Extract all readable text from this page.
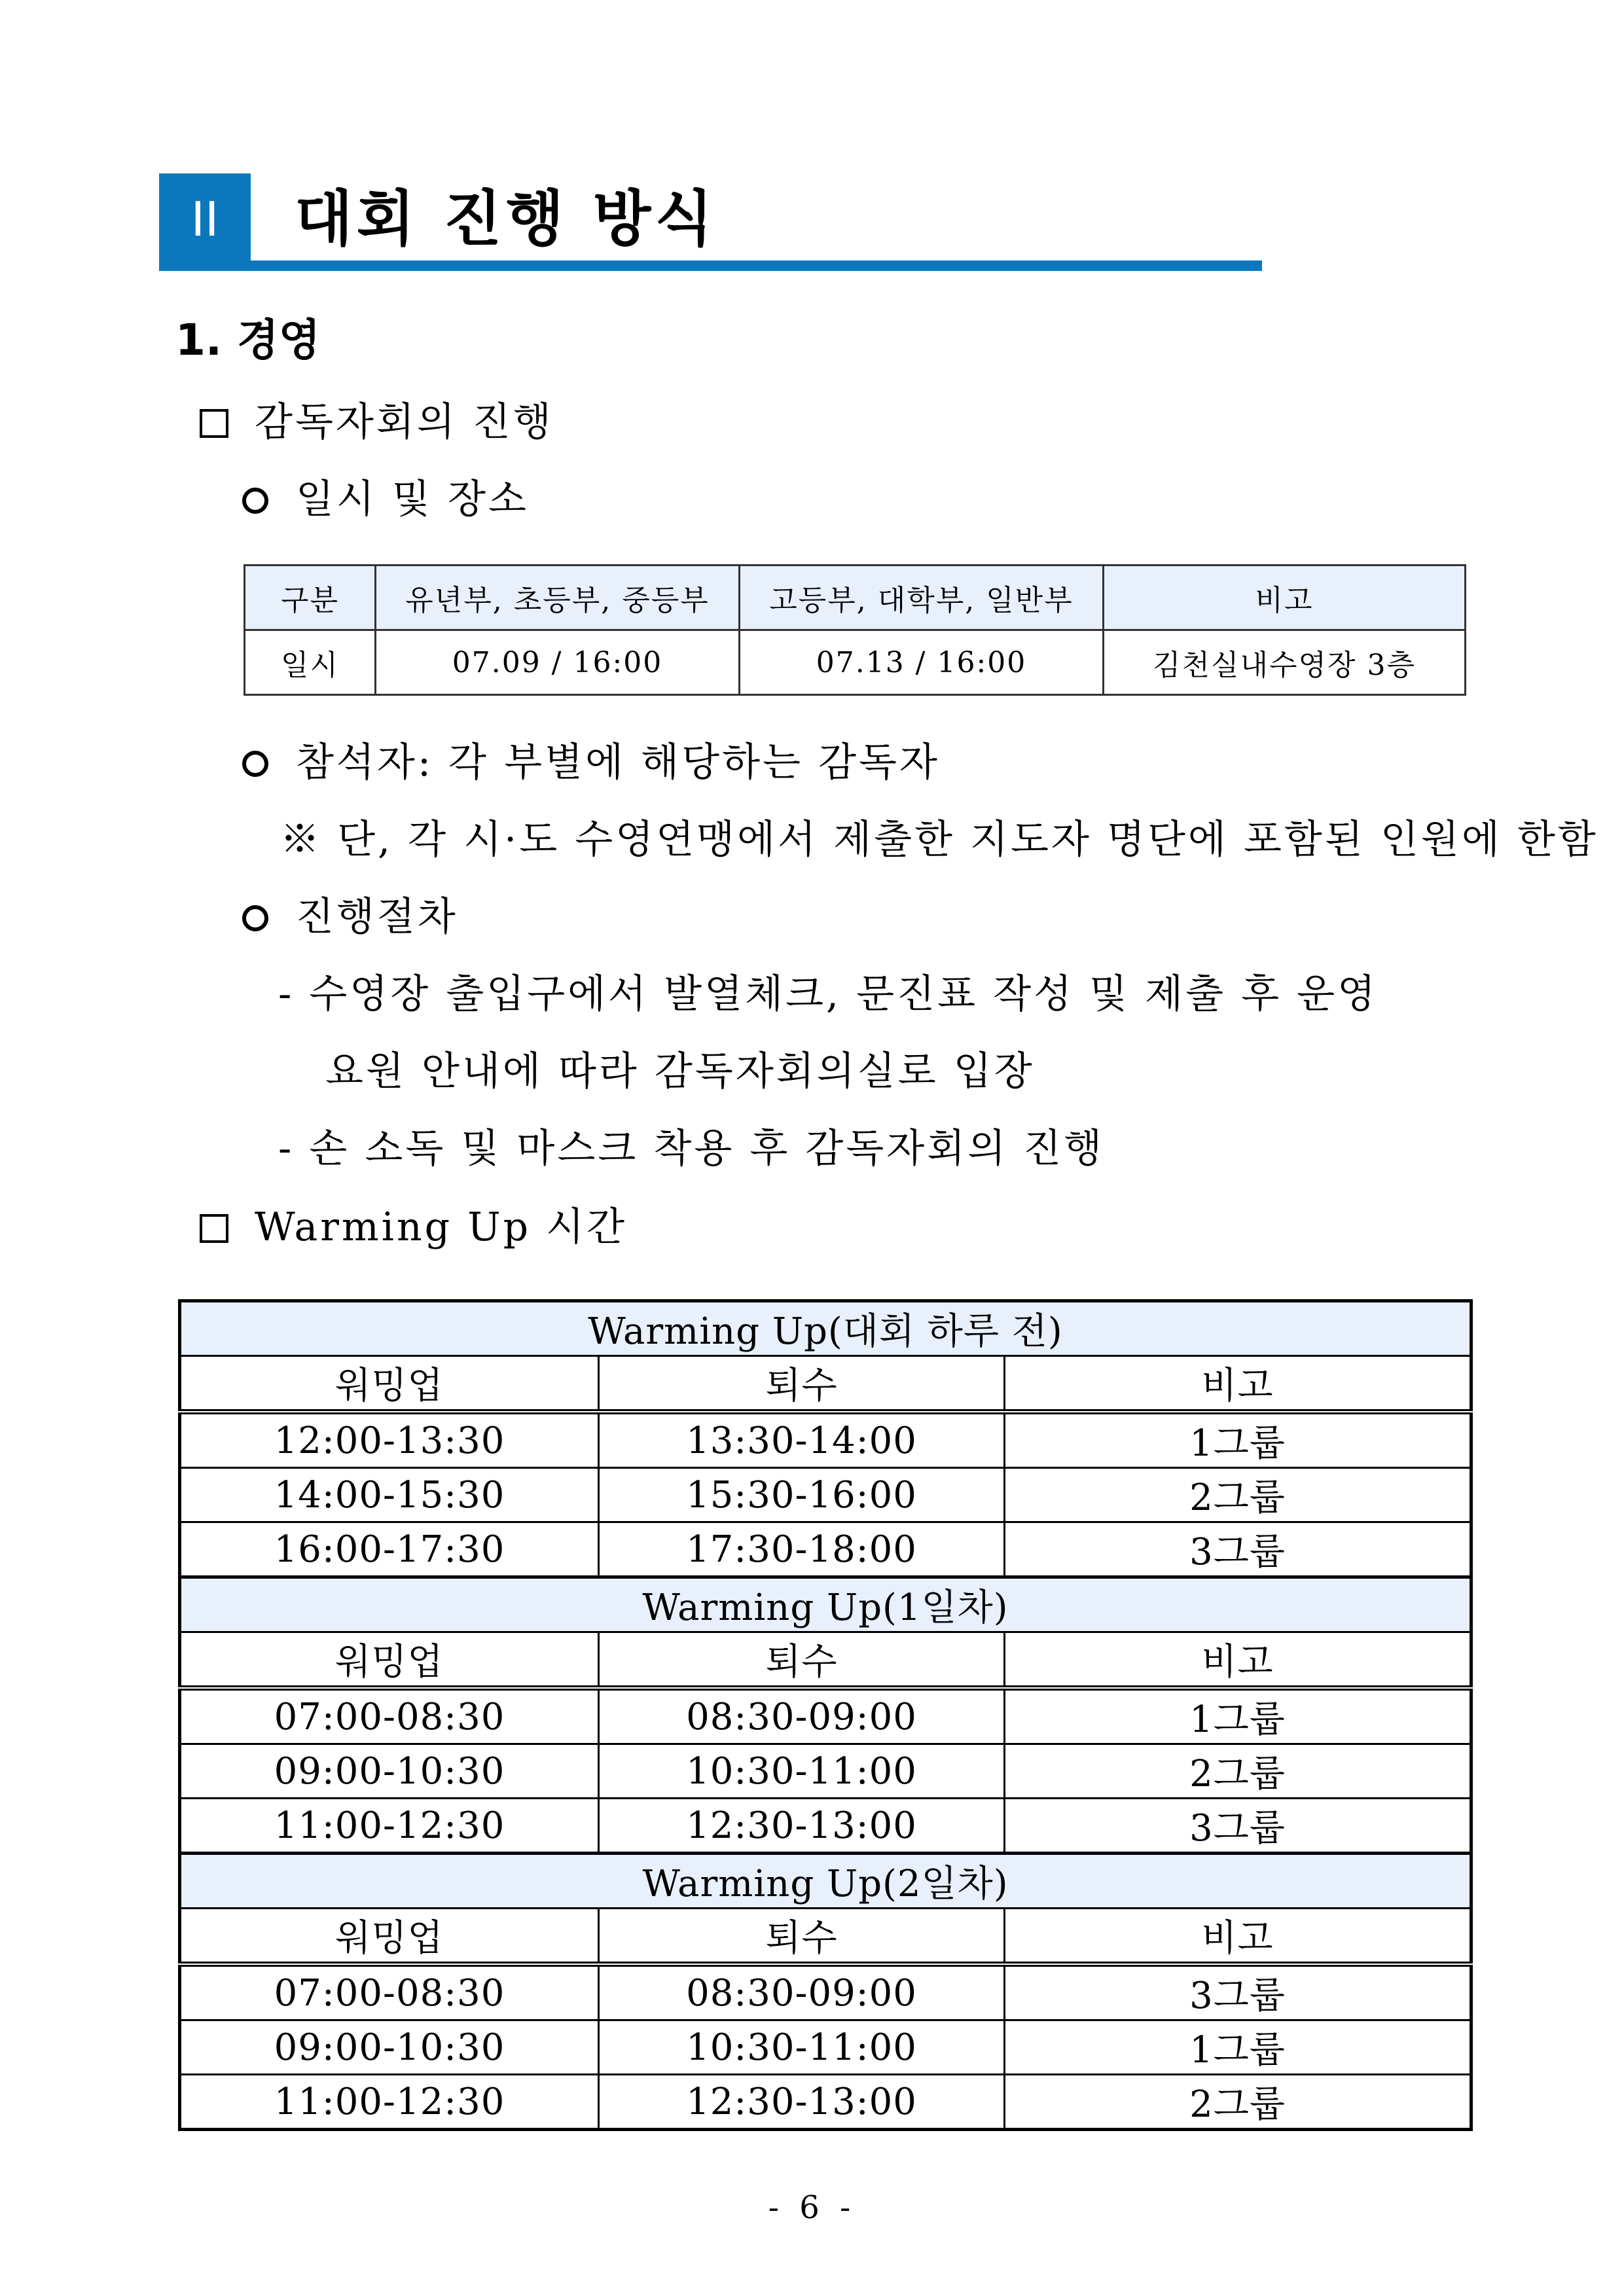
II	대회 진행 방식
1. 경영
감독자회의 진행
일시 및 장소
구분	유년부, 초등부, 중등부	고등부, 대학부, 일반부	비고
일시	07.09 / 16:00	07.13 / 16:00	김천실내수영장 3층
참석자: 각 부별에 해당하는 감독자
※ 단, 각 시·도 수영연맹에서 제출한 지도자 명단에 포함된 인원에 한함
진행절차
- 수영장 출입구에서 발열체크, 문진표 작성 및 제출 후 운영
요원 안내에 따라 감독자회의실로 입장
- 손 소독 및 마스크 착용 후 감독자회의 진행
Warming Up 시간
Warming Up(대회 하루 전)		
워밍업	퇴수	비고
12:00-13:30	13:30-14:00	1그룹
14:00-15:30	15:30-16:00	2그룹
16:00-17:30	17:30-18:00	3그룹
Warming Up(1일차)		
워밍업	퇴수	비고
07:00-08:30	08:30-09:00	1그룹
09:00-10:30	10:30-11:00	2그룹
11:00-12:30	12:30-13:00	3그룹
Warming Up(2일차)		
워밍업	퇴수	비고
07:00-08:30	08:30-09:00	3그룹
09:00-10:30	10:30-11:00	1그룹
11:00-12:30	12:30-13:00	2그룹
- 6 -
